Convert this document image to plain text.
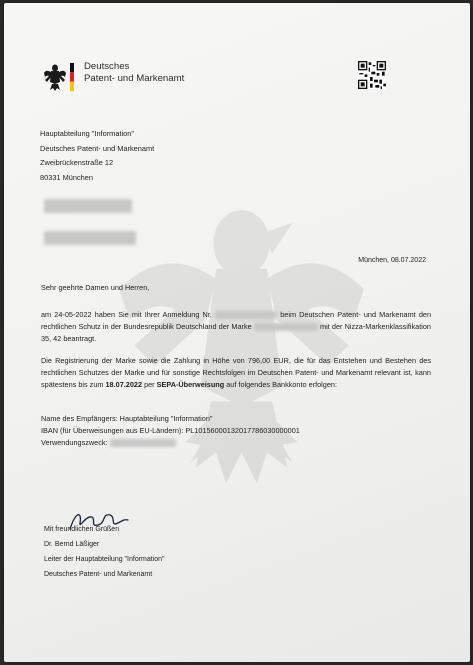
Deutsches
Patent- und Markenamt
Hauptabteilung "Information"
Deutsches Patent- und Markenamt
Zweibrückenstraße 12
80331 München
München, 08.07.2022

Sehr geehrte Damen und Herren,

am 24-05-2022 haben Sie mit Ihrer Anmeldung Nr.	beim Deutschen Patent- und Markenamt den rechtlichen Schutz in der Bundesrepublik Deutschland der Marke	mit der Nizza-Markenklassifikation 35, 42 beantragt.

Die Registrierung der Marke sowie die Zahlung in Höhe von 796,00 EUR, die für das Entstehen und Bestehen des rechtlichen Schutzes der Marke und für sonstige Rechtsfolgen im Deutschen Patent- und Markenamt relevant ist, kann spätestens bis zum 18.07.2022 per SEPA-Überweisung auf folgendes Bankkonto erfolgen:

Name des Empfängers: Hauptabteilung "Information"

IBAN (für Überweisungen aus EU-Ländern): PL10156000132017786030000001

Verwendungszweck:

Mit freundlichen Grüßen
Dr. Bernd Läßiger
Leiter der Hauptabteilung "Information"
Deutsches Patent- und Markenamt
